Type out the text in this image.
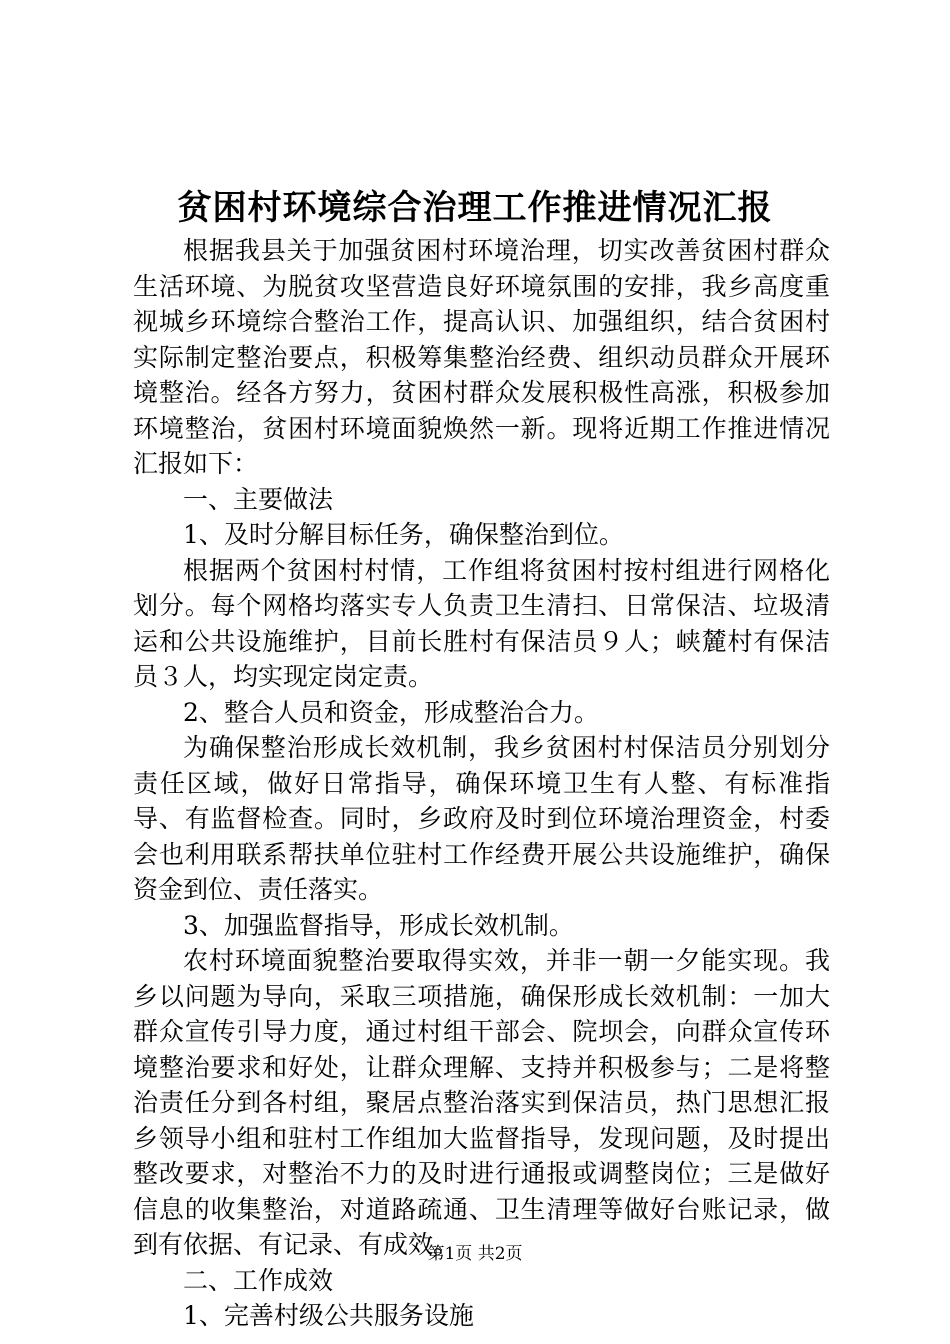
贫困村环境综合治理工作推进情况汇报

根据我县关于加强贫困村环境治理，切实改善贫困村群众生活环境、为脱贫攻坚营造良好环境氛围的安排，我乡高度重视城乡环境综合整治工作，提高认识、加强组织，结合贫困村实际制定整治要点，积极筹集整治经费、组织动员群众开展环境整治。经各方努力，贫困村群众发展积极性高涨，积极参加环境整治，贫困村环境面貌焕然一新。现将近期工作推进情况汇报如下：

一、主要做法

1、及时分解目标任务，确保整治到位。

根据两个贫困村村情，工作组将贫困村按村组进行网格化划分。每个网格均落实专人负责卫生清扫、日常保洁、垃圾清运和公共设施维护，目前长胜村有保洁员９人；峡麓村有保洁员３人，均实现定岗定责。

2、整合人员和资金，形成整治合力。

为确保整治形成长效机制，我乡贫困村村保洁员分别划分责任区域，做好日常指导，确保环境卫生有人整、有标准指导、有监督检查。同时，乡政府及时到位环境治理资金，村委会也利用联系帮扶单位驻村工作经费开展公共设施维护，确保资金到位、责任落实。

3、加强监督指导，形成长效机制。

农村环境面貌整治要取得实效，并非一朝一夕能实现。我乡以问题为导向，采取三项措施，确保形成长效机制：一加大群众宣传引导力度，通过村组干部会、院坝会，向群众宣传环境整治要求和好处，让群众理解、支持并积极参与；二是将整治责任分到各村组，聚居点整治落实到保洁员，热门思想汇报乡领导小组和驻村工作组加大监督指导，发现问题，及时提出整改要求，对整治不力的及时进行通报或调整岗位；三是做好信息的收集整治，对道路疏通、卫生清理等做好台账记录，做到有依据、有记录、有成效。

二、工作成效

1、完善村级公共服务设施

第1页 共2页
